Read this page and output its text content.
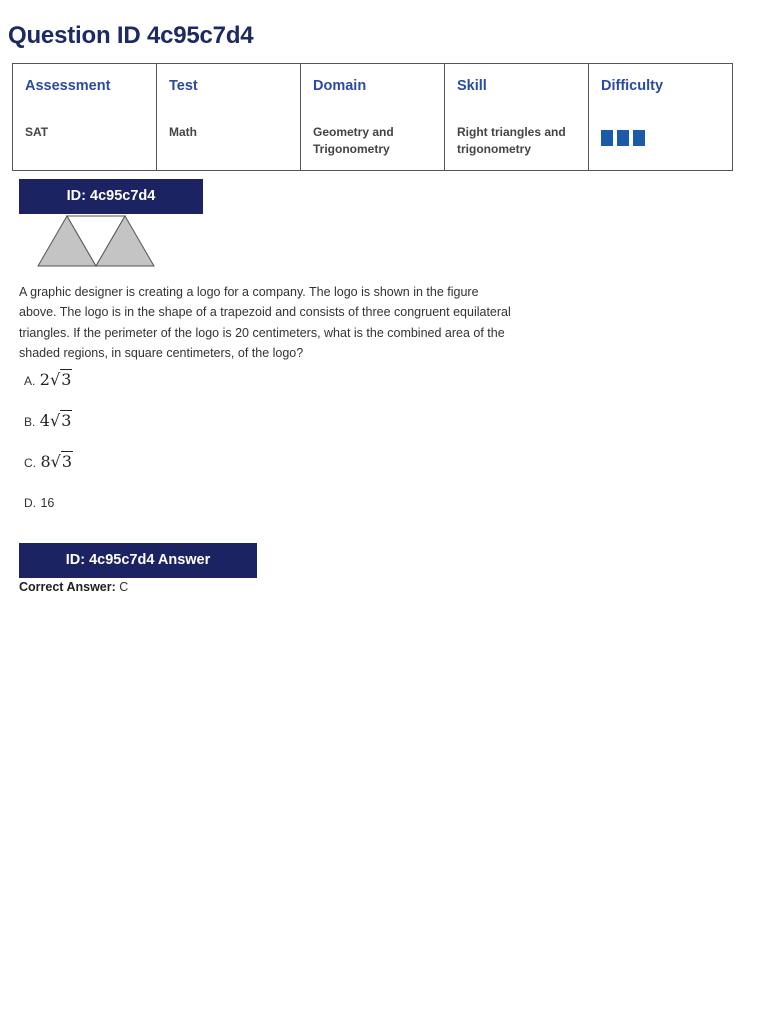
Question ID 4c95c7d4
Assessment
SAT

Test
Math

Domain
Geometry and Trigonometry

Skill
Right triangles and trigonometry

Difficulty
ID: 4c95c7d4

A graphic designer is creating a logo for a company. The logo is shown in the figure above. The logo is in the shape of a trapezoid and consists of three congruent equilateral triangles. If the perimeter of the logo is 20 centimeters, what is the combined area of the shaded regions, in square centimeters, of the logo?

A. 2√3
B. 4√3
C. 8√3
D. 16
ID: 4c95c7d4 Answer
Correct Answer: C
